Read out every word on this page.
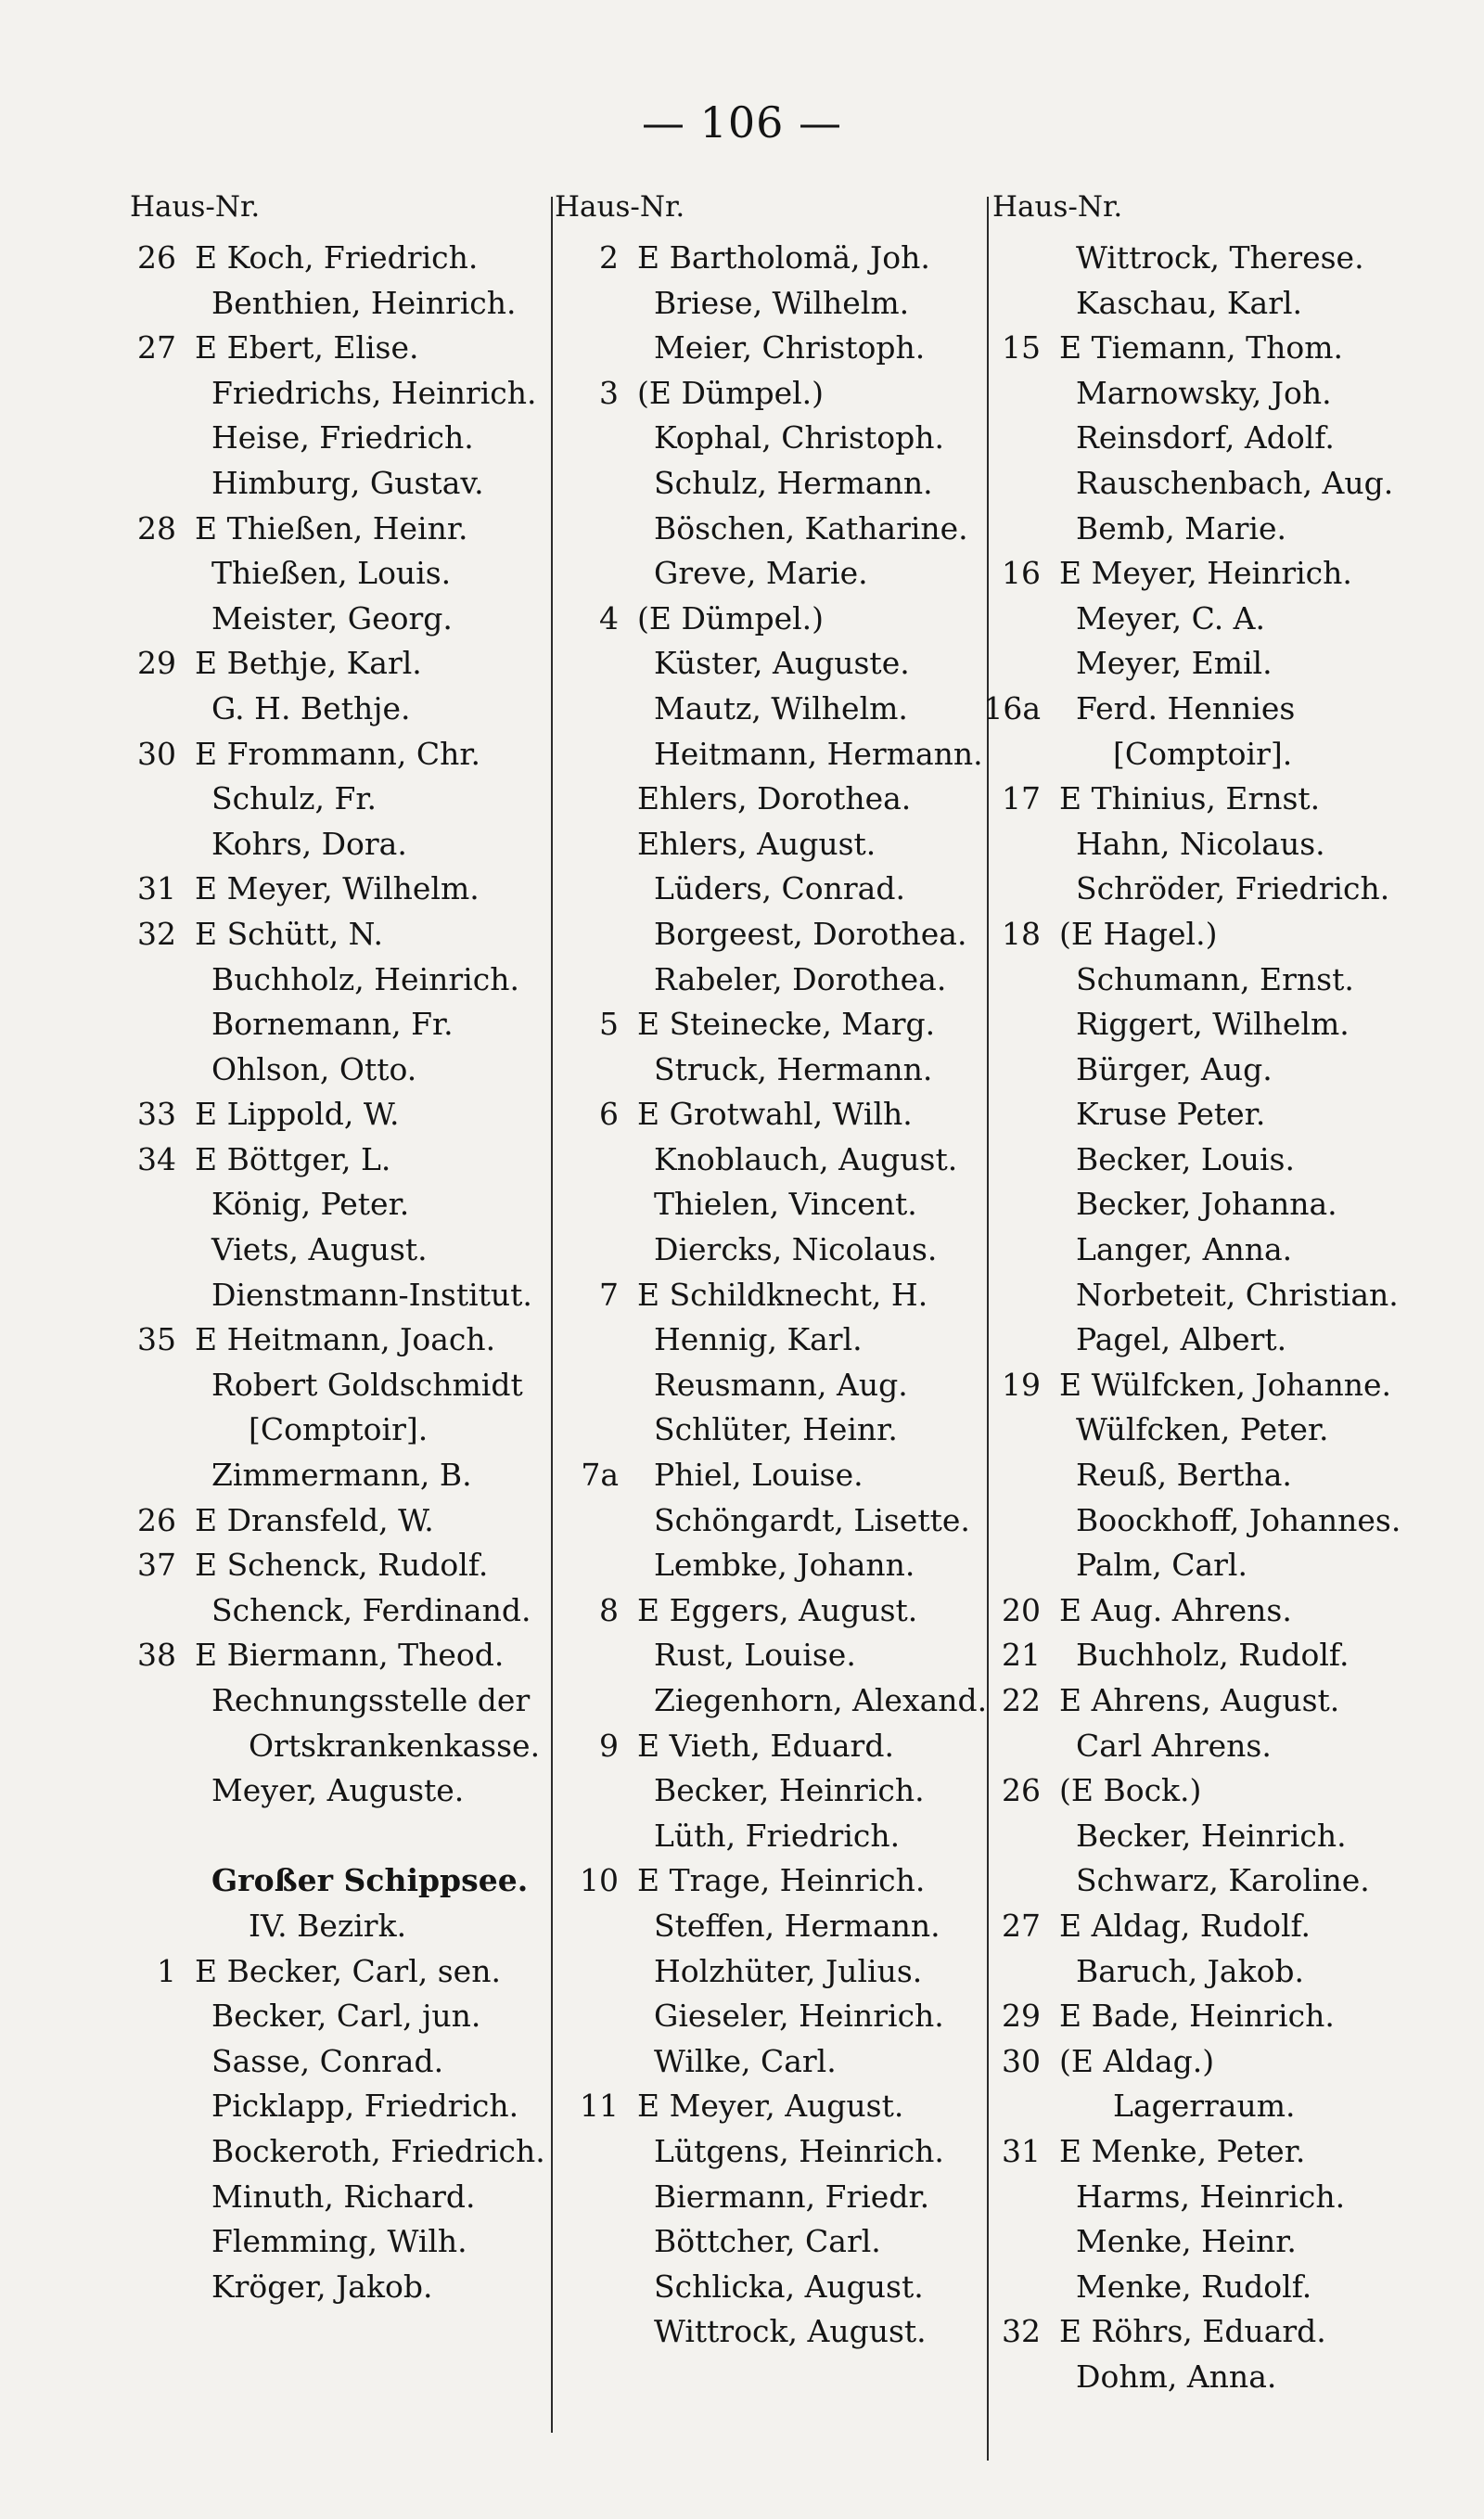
— 106 —
Haus-Nr.	Haus-Nr.	Haus-Nr.
26 E Koch, Friedrich.
Benthien, Heinrich.
27 E Ebert, Elise.
Friedrichs, Heinrich.
Heise, Friedrich.
Himburg, Gustav.
28 E Thießen, Heinr.
Thießen, Louis.
Meister, Georg.
29 E Bethje, Karl.
G. H. Bethje.
30 E Frommann, Chr.
Schulz, Fr.
Kohrs, Dora.
31 E Meyer, Wilhelm.
32 E Schütt, N.
Buchholz, Heinrich.
Bornemann, Fr.
Ohlson, Otto.
33 E Lippold, W.
34 E Böttger, L.
König, Peter.
Viets, August.
Dienstmann-Institut.
35 E Heitmann, Joach.
Robert Goldschmidt
[Comptoir].
Zimmermann, B.
26 E Dransfeld, W.
37 E Schenck, Rudolf.
Schenck, Ferdinand.
38 E Biermann, Theod.
Rechnungsstelle der
Ortskrankenkasse.
Meyer, Auguste.
Großer Schippsee.
IV. Bezirk.
1 E Becker, Carl, sen.
Becker, Carl, jun.
Sasse, Conrad.
Picklapp, Friedrich.
Bockeroth, Friedrich.
Minuth, Richard.
Flemming, Wilh.
Kröger, Jakob.
2 E Bartholomä, Joh.
Briese, Wilhelm.
Meier, Christoph.
3 (E Dümpel.)
Kophal, Christoph.
Schulz, Hermann.
Böschen, Katharine.
Greve, Marie.
4 (E Dümpel.)
Küster, Auguste.
Mautz, Wilhelm.
Heitmann, Hermann.
Ehlers, Dorothea.
Ehlers, August.
Lüders, Conrad.
Borgeest, Dorothea.
Rabeler, Dorothea.
5 E Steinecke, Marg.
Struck, Hermann.
6 E Grotwahl, Wilh.
Knoblauch, August.
Thielen, Vincent.
Diercks, Nicolaus.
7 E Schildknecht, H.
Hennig, Karl.
Reusmann, Aug.
Schlüter, Heinr.
7a Phiel, Louise.
Schöngardt, Lisette.
Lembke, Johann.
8 E Eggers, August.
Rust, Louise.
Ziegenhorn, Alexand.
9 E Vieth, Eduard.
Becker, Heinrich.
Lüth, Friedrich.
10 E Trage, Heinrich.
Steffen, Hermann.
Holzhüter, Julius.
Gieseler, Heinrich.
Wilke, Carl.
11 E Meyer, August.
Lütgens, Heinrich.
Biermann, Friedr.
Böttcher, Carl.
Schlicka, August.
Wittrock, August.
Wittrock, Therese.
Kaschau, Karl.
15 E Tiemann, Thom.
Marnowsky, Joh.
Reinsdorf, Adolf.
Rauschenbach, Aug.
Bemb, Marie.
16 E Meyer, Heinrich.
Meyer, C. A.
Meyer, Emil.
16a Ferd. Hennies
[Comptoir].
17 E Thinius, Ernst.
Hahn, Nicolaus.
Schröder, Friedrich.
18 (E Hagel.)
Schumann, Ernst.
Riggert, Wilhelm.
Bürger, Aug.
Kruse Peter.
Becker, Louis.
Becker, Johanna.
Langer, Anna.
Norbeteit, Christian.
Pagel, Albert.
19 E Wülfcken, Johanne.
Wülfcken, Peter.
Reuß, Bertha.
Boockhoff, Johannes.
Palm, Carl.
20 E Aug. Ahrens.
21 Buchholz, Rudolf.
22 E Ahrens, August.
Carl Ahrens.
26 (E Bock.)
Becker, Heinrich.
Schwarz, Karoline.
27 E Aldag, Rudolf.
Baruch, Jakob.
29 E Bade, Heinrich.
30 (E Aldag.)
Lagerraum.
31 E Menke, Peter.
Harms, Heinrich.
Menke, Heinr.
Menke, Rudolf.
32 E Röhrs, Eduard.
Dohm, Anna.
